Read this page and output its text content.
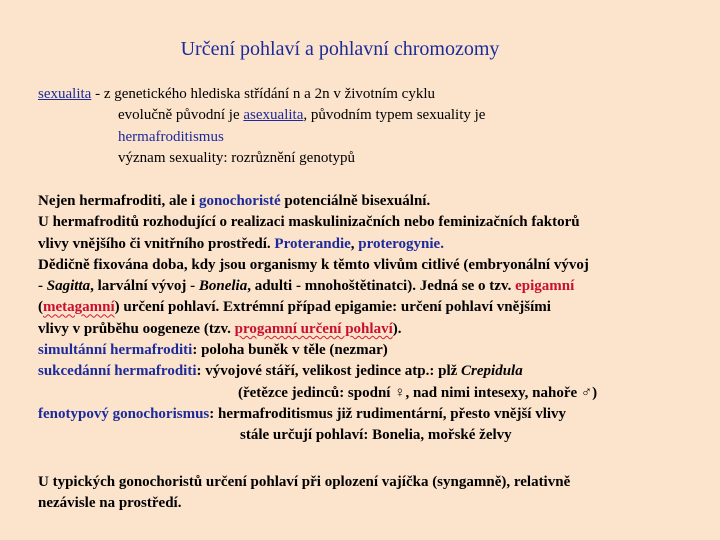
Určení pohlaví a pohlavní chromozomy
sexualita - z genetického hlediska střídání n a 2n v životním cyklu
evolučně původní je asexualita, původním typem sexuality je
hermafroditismus
význam sexuality: rozrůznění genotypů
Nejen hermafroditi, ale i gonochoristé potenciálně bisexuální.
U hermafroditů rozhodující o realizaci maskulinizačních nebo feminizačních faktorů
vlivy vnějšího či vnitřního prostředí. Proterandie, proterogynie.
Dědičně fixována doba, kdy jsou organismy k těmto vlivům citlivé (embryonální vývoj
- Sagitta, larvální vývoj - Bonelia, adulti - mnohoštětinatci). Jedná se o tzv. epigamní
(metagamní) určení pohlaví. Extrémní případ epigamie: určení pohlaví vnějšími
vlivy v průběhu oogeneze (tzv. progamní určení pohlaví).
simultánní hermafroditi: poloha buněk v těle (nezmar)
sukcedánní hermafroditi: vývojové stáří, velikost jedince atp.: plž Crepidula
(řetězce jedinců: spodní ♀, nad nimi intesexy, nahoře ♂)
fenotypový gonochorismus: hermafroditismus již rudimentární, přesto vnější vlivy
stále určují pohlaví: Bonelia, mořské želvy
U typických gonochoristů určení pohlaví při oplození vajíčka (syngamně), relativně
nezávisle na prostředí.
